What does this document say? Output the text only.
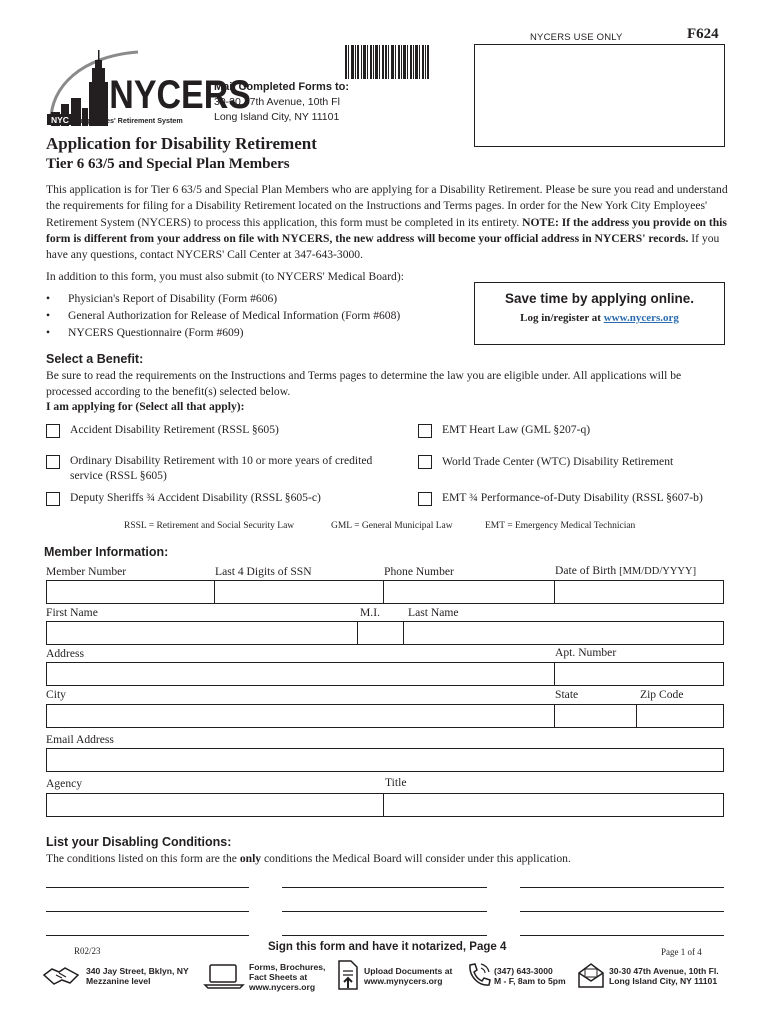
NYCERS USE ONLY	F624
NYCERS
NYC Employees' Retirement System
Mail Completed Forms to:
30-30 47th Avenue, 10th Fl
Long Island City, NY 11101
Application for Disability Retirement
Tier 6 63/5 and Special Plan Members
This application is for Tier 6 63/5 and Special Plan Members who are applying for a Disability Retirement. Please be sure you read and understand the requirements for filing for a Disability Retirement located on the Instructions and Terms pages. In order for the New York City Employees' Retirement System (NYCERS) to process this application, this form must be completed in its entirety. NOTE: If the address you provide on this form is different from your address on file with NYCERS, the new address will become your official address in NYCERS' records. If you have any questions, contact NYCERS' Call Center at 347-643-3000.
In addition to this form, you must also submit (to NYCERS' Medical Board):
• Physician's Report of Disability (Form #606)
• General Authorization for Release of Medical Information (Form #608)
• NYCERS Questionnaire (Form #609)
Save time by applying online.
Log in/register at www.nycers.org
Select a Benefit:
Be sure to read the requirements on the Instructions and Terms pages to determine the law you are eligible under. All applications will be processed according to the benefit(s) selected below.
I am applying for (Select all that apply):
Accident Disability Retirement (RSSL §605)	EMT Heart Law (GML §207-q)
Ordinary Disability Retirement with 10 or more years of credited
service (RSSL §605)
World Trade Center (WTC) Disability Retirement
Deputy Sheriffs ¾ Accident Disability (RSSL §605-c)	EMT ¾ Performance-of-Duty Disability (RSSL §607-b)
RSSL = Retirement and Social Security Law	GML = General Municipal Law	EMT = Emergency Medical Technician
Member Information:
Member Number	Last 4 Digits of SSN	Phone Number	Date of Birth [MM/DD/YYYY]
First Name	M.I. Last Name
Address	Apt. Number
City	State	Zip Code
Email Address
Agency	Title
List your Disabling Conditions:
The conditions listed on this form are the only conditions the Medical Board will consider under this application.
R02/23	Sign this form and have it notarized, Page 4	Page 1 of 4
340 Jay Street, Bklyn, NY
Mezzanine level
Forms, Brochures,
Fact Sheets at
www.nycers.org
Upload Documents at
www.mynycers.org
(347) 643-3000
M - F, 8am to 5pm
30-30 47th Avenue, 10th Fl.
Long Island City, NY 11101
